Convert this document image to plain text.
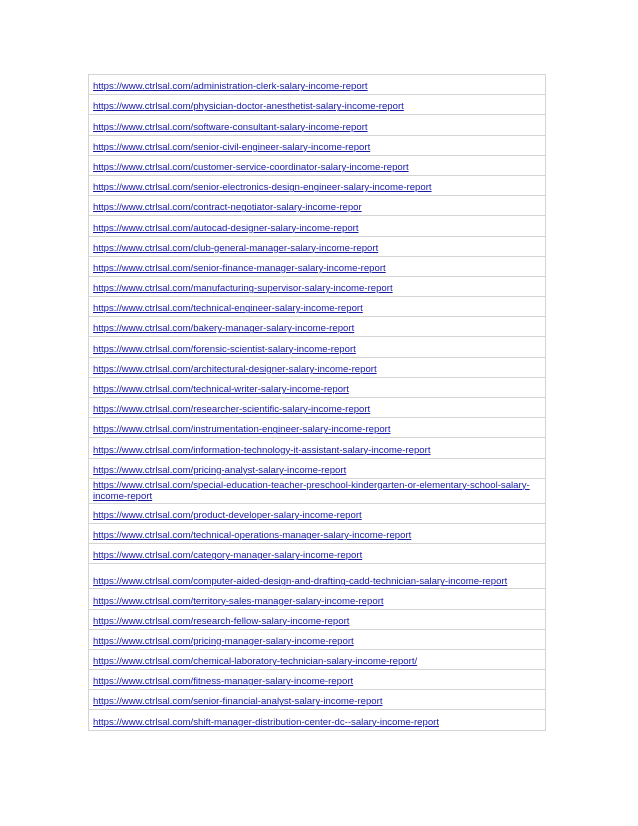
https://www.ctrlsal.com/administration-clerk-salary-income-report
https://www.ctrlsal.com/physician-doctor-anesthetist-salary-income-report
https://www.ctrlsal.com/software-consultant-salary-income-report
https://www.ctrlsal.com/senior-civil-engineer-salary-income-report
https://www.ctrlsal.com/customer-service-coordinator-salary-income-report
https://www.ctrlsal.com/senior-electronics-design-engineer-salary-income-report
https://www.ctrlsal.com/contract-negotiator-salary-income-repor
https://www.ctrlsal.com/autocad-designer-salary-income-report
https://www.ctrlsal.com/club-general-manager-salary-income-report
https://www.ctrlsal.com/senior-finance-manager-salary-income-report
https://www.ctrlsal.com/manufacturing-supervisor-salary-income-report
https://www.ctrlsal.com/technical-engineer-salary-income-report
https://www.ctrlsal.com/bakery-manager-salary-income-report
https://www.ctrlsal.com/forensic-scientist-salary-income-report
https://www.ctrlsal.com/architectural-designer-salary-income-report
https://www.ctrlsal.com/technical-writer-salary-income-report
https://www.ctrlsal.com/researcher-scientific-salary-income-report
https://www.ctrlsal.com/instrumentation-engineer-salary-income-report
https://www.ctrlsal.com/information-technology-it-assistant-salary-income-report
https://www.ctrlsal.com/pricing-analyst-salary-income-report
https://www.ctrlsal.com/special-education-teacher-preschool-kindergarten-or-elementary-school-salary-income-report
https://www.ctrlsal.com/product-developer-salary-income-report
https://www.ctrlsal.com/technical-operations-manager-salary-income-report
https://www.ctrlsal.com/category-manager-salary-income-report
https://www.ctrlsal.com/computer-aided-design-and-drafting-cadd-technician-salary-income-report
https://www.ctrlsal.com/territory-sales-manager-salary-income-report
https://www.ctrlsal.com/research-fellow-salary-income-report
https://www.ctrlsal.com/pricing-manager-salary-income-report
https://www.ctrlsal.com/chemical-laboratory-technician-salary-income-report/
https://www.ctrlsal.com/fitness-manager-salary-income-report
https://www.ctrlsal.com/senior-financial-analyst-salary-income-report
https://www.ctrlsal.com/shift-manager-distribution-center-dc--salary-income-report
